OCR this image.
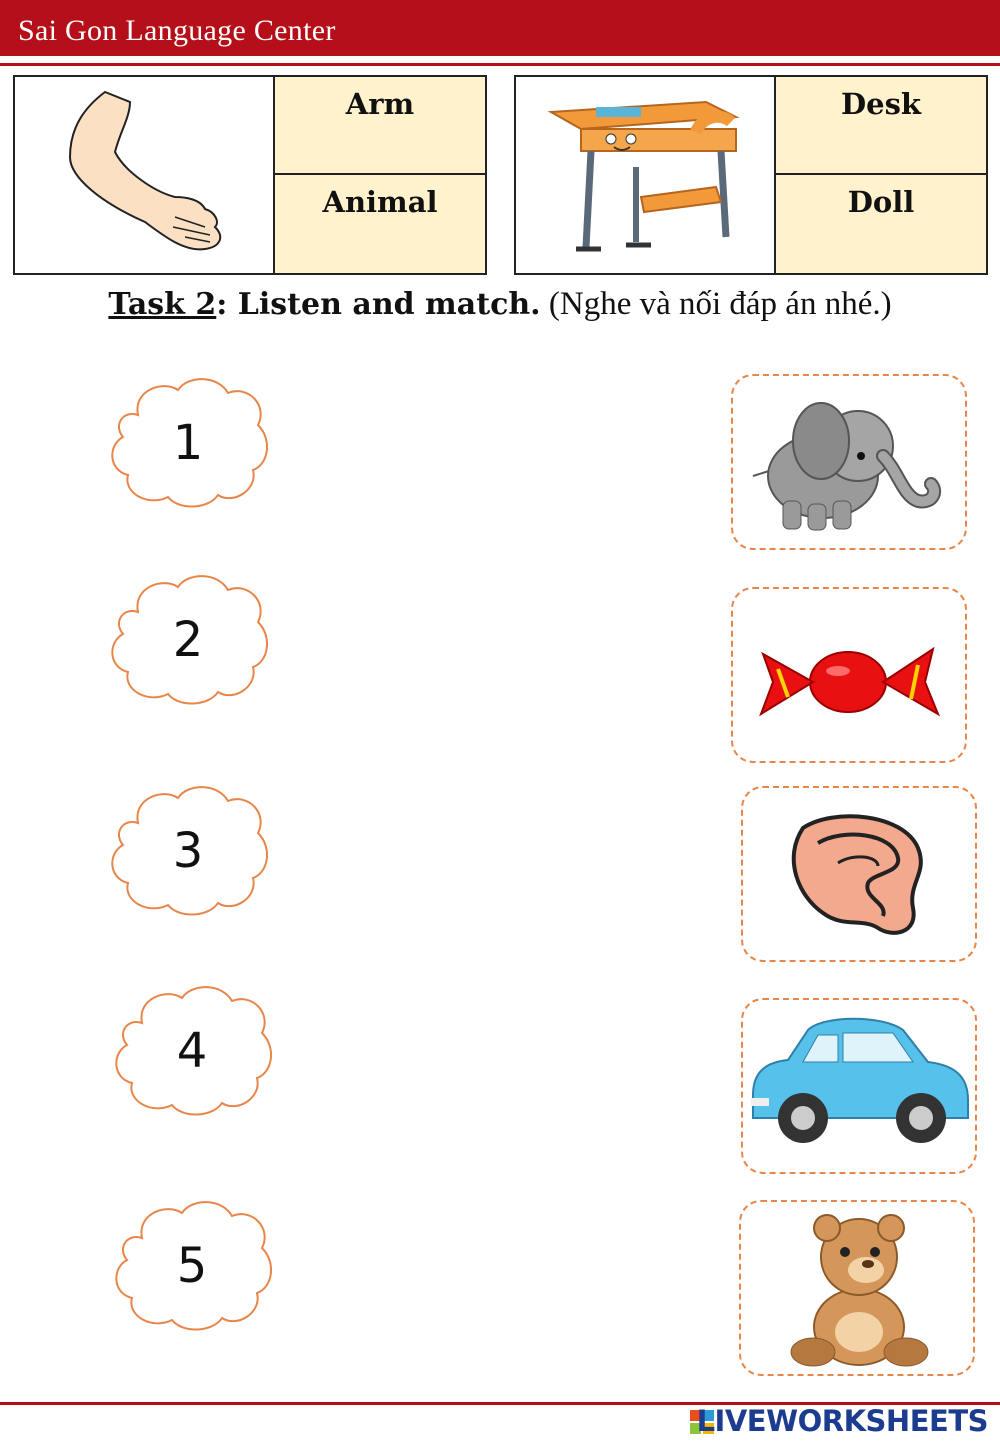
Sai Gon Language Center
Arm
Animal
Desk
Doll
Task 2: Listen and match. (Nghe và nối đáp án nhé.)
1
2
3
4
5
LIVEWORKSHEETS
